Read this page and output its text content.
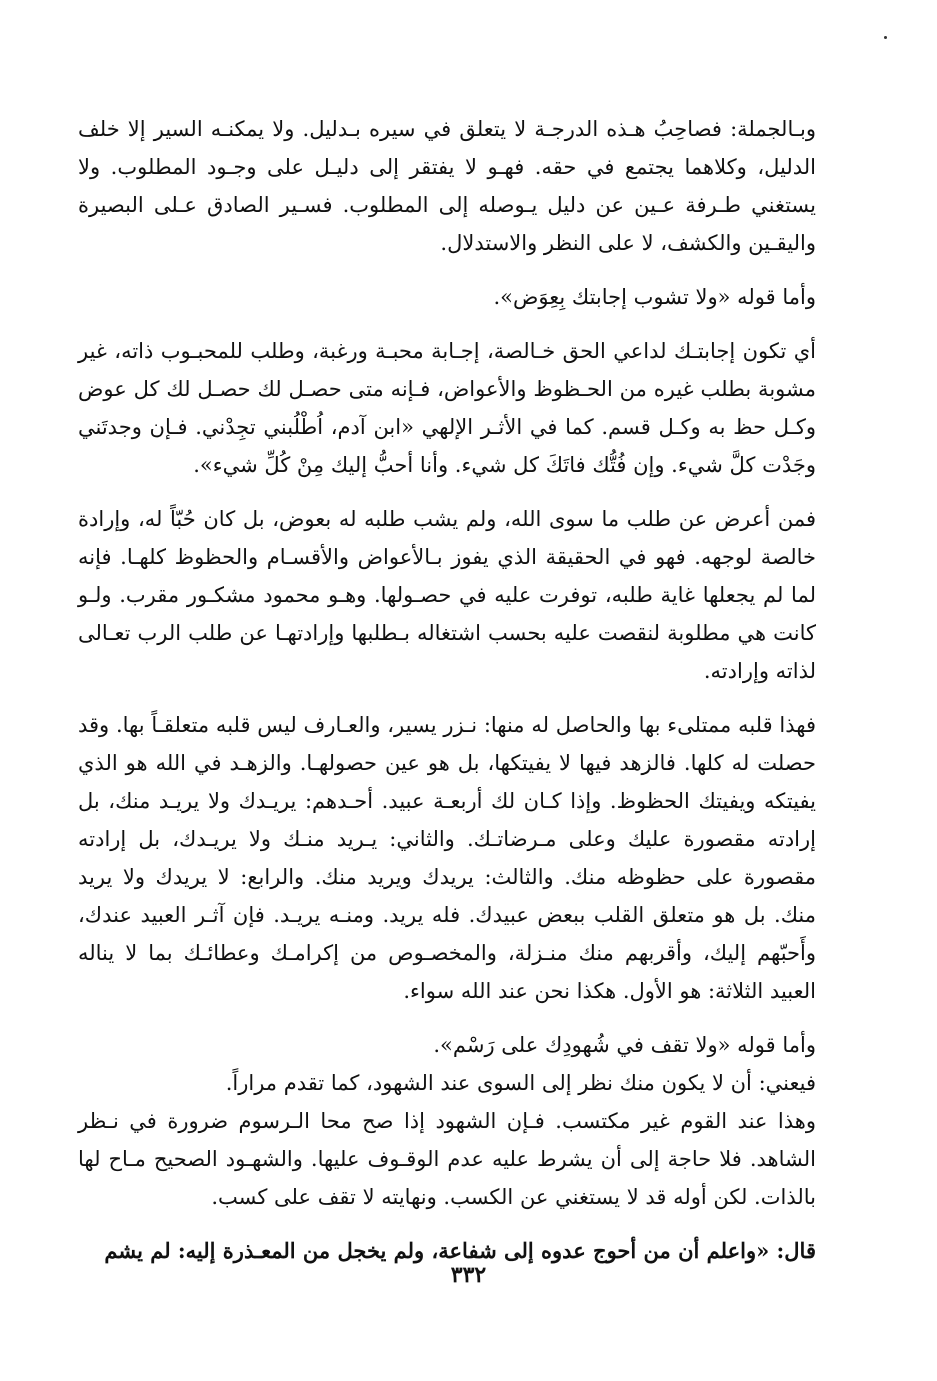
وبـالجملة: فصاحِبُ هـذه الدرجـة لا يتعلق في سيره بـدليل. ولا يمكنـه السير إلا خلف الدليل، وكلاهما يجتمع في حقه. فهـو لا يفتقر إلى دليـل على وجـود المطلوب. ولا يستغني طـرفة عـين عن دليل يـوصله إلى المطلوب. فسـير الصادق عـلى البصيرة واليقـين والكشف، لا على النظر والاستدلال.

وأما قوله «ولا تشوب إجابتك بِعِوَض».

أي تكون إجابتـك لداعي الحق خـالصة، إجـابة محبـة ورغبة، وطلب للمحبـوب ذاته، غير مشوبة بطلب غيره من الحـظوظ والأعواض، فـإنه متى حصـل لك حصـل لك كل عوض وكـل حظ به وكـل قسم. كما في الأثـر الإلهي «ابن آدم، اُطْلُبني تجِدْني. فـإن وجدتَني وجَدْت كلَّ شيء. وإن فُتُّك فاتَكَ كل شيء. وأنا أحبُّ إليك مِنْ كُلِّ شيء».

فمن أعرض عن طلب ما سوى الله، ولم يشب طلبه له بعوض، بل كان حُبّاً له، وإرادة خالصة لوجهه. فهو في الحقيقة الذي يفوز بـالأعواض والأقسـام والحظوظ كلهـا. فإنه لما لم يجعلها غاية طلبه، توفرت عليه في حصـولها. وهـو محمود مشكـور مقرب. ولـو كانت هي مطلوبة لنقصت عليه بحسب اشتغاله بـطلبها وإرادتهـا عن طلب الرب تعـالى لذاته وإرادته.

فهذا قلبه ممتلىء بها والحاصل له منها: نـزر يسير، والعـارف ليس قلبه متعلقـاً بها. وقد حصلت له كلها. فالزهد فيها لا يفيتكها، بل هو عين حصولهـا. والزهـد في الله هو الذي يفيتكه ويفيتك الحظوظ. وإذا كـان لك أربعـة عبيد. أحـدهم: يريـدك ولا يريـد منك، بل إرادته مقصورة عليك وعلى مـرضاتـك. والثاني: يـريد منـك ولا يريـدك، بل إرادته مقصورة على حظوظه منك. والثالث: يريدك ويريد منك. والرابع: لا يريدك ولا يريد منك. بل هو متعلق القلب ببعض عبيدك. فله يريد. ومنـه يريـد. فإن آثـر العبيد عندك، وأَحبّهم إليك، وأقربهم منك منـزلة، والمخصـوص من إكرامـك وعطائـك بما لا يناله العبيد الثلاثة: هو الأول. هكذا نحن عند الله سواء.

وأما قوله «ولا تقف في شُهودِك على رَسْم».

فيعني: أن لا يكون منك نظر إلى السوى عند الشهود، كما تقدم مراراً.

وهذا عند القوم غير مكتسب. فـإن الشهود إذا صح محا الـرسوم ضرورة في نـظر الشاهد. فلا حاجة إلى أن يشرط عليه عدم الوقـوف عليها. والشهـود الصحيح مـاح لها بالذات. لكن أوله قد لا يستغني عن الكسب. ونهايته لا تقف على كسب.

قال: «واعلم أن من أحوج عدوه إلى شفاعة، ولم يخجل من المعـذرة إليه: لم يشم

٣٣٢
